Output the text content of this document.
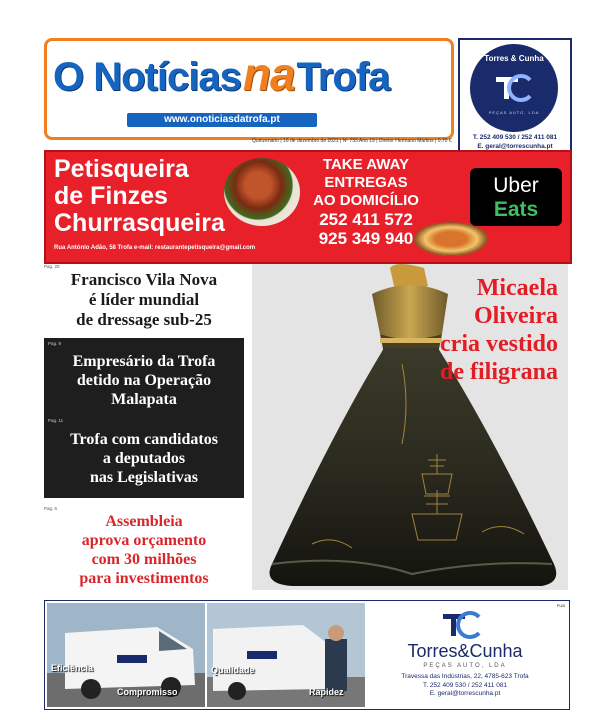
O NotíciasnaTrofa
www.onoticiasdatrofa.pt
Quinzenário | 16 de dezembro de 2021 | Nº 755 Ano 19 | Diretor Hermano Martins | 0,70 €
Torres & Cunha
PEÇAS AUTO, LDA
T. 252 409 530 / 252 411 081
E. geral@torrescunha.pt
Petisqueira
de Finzes
Churrasqueira
Rua António Adão, 58 Trofa e-mail: restaurantepetisqueira@gmail.com
TAKE AWAY
ENTREGAS
AO DOMICÍLIO
252 411 572
925 349 940
Uber
Eats
Pag. 20
Francisco Vila Nova
é líder mundial
de dressage sub-25
Pag. 9
Empresário da Trofa
detido na Operação
Malapata
Pag. 11
Trofa com candidatos
a deputados
nas Legislativas
Pag. 6
Assembleia
aprova orçamento
com 30 milhões
para investimentos
Micaela
Oliveira
cria vestido
de filigrana
Eficiência
Compromisso
Qualidade
Rapidez
PUB
Torres&Cunha
PEÇAS AUTO, LDA
Travessa das Indústrias, 22, 4785-623 Trofa
T. 252 409 530 / 252 411 081
E. geral@torrescunha.pt
